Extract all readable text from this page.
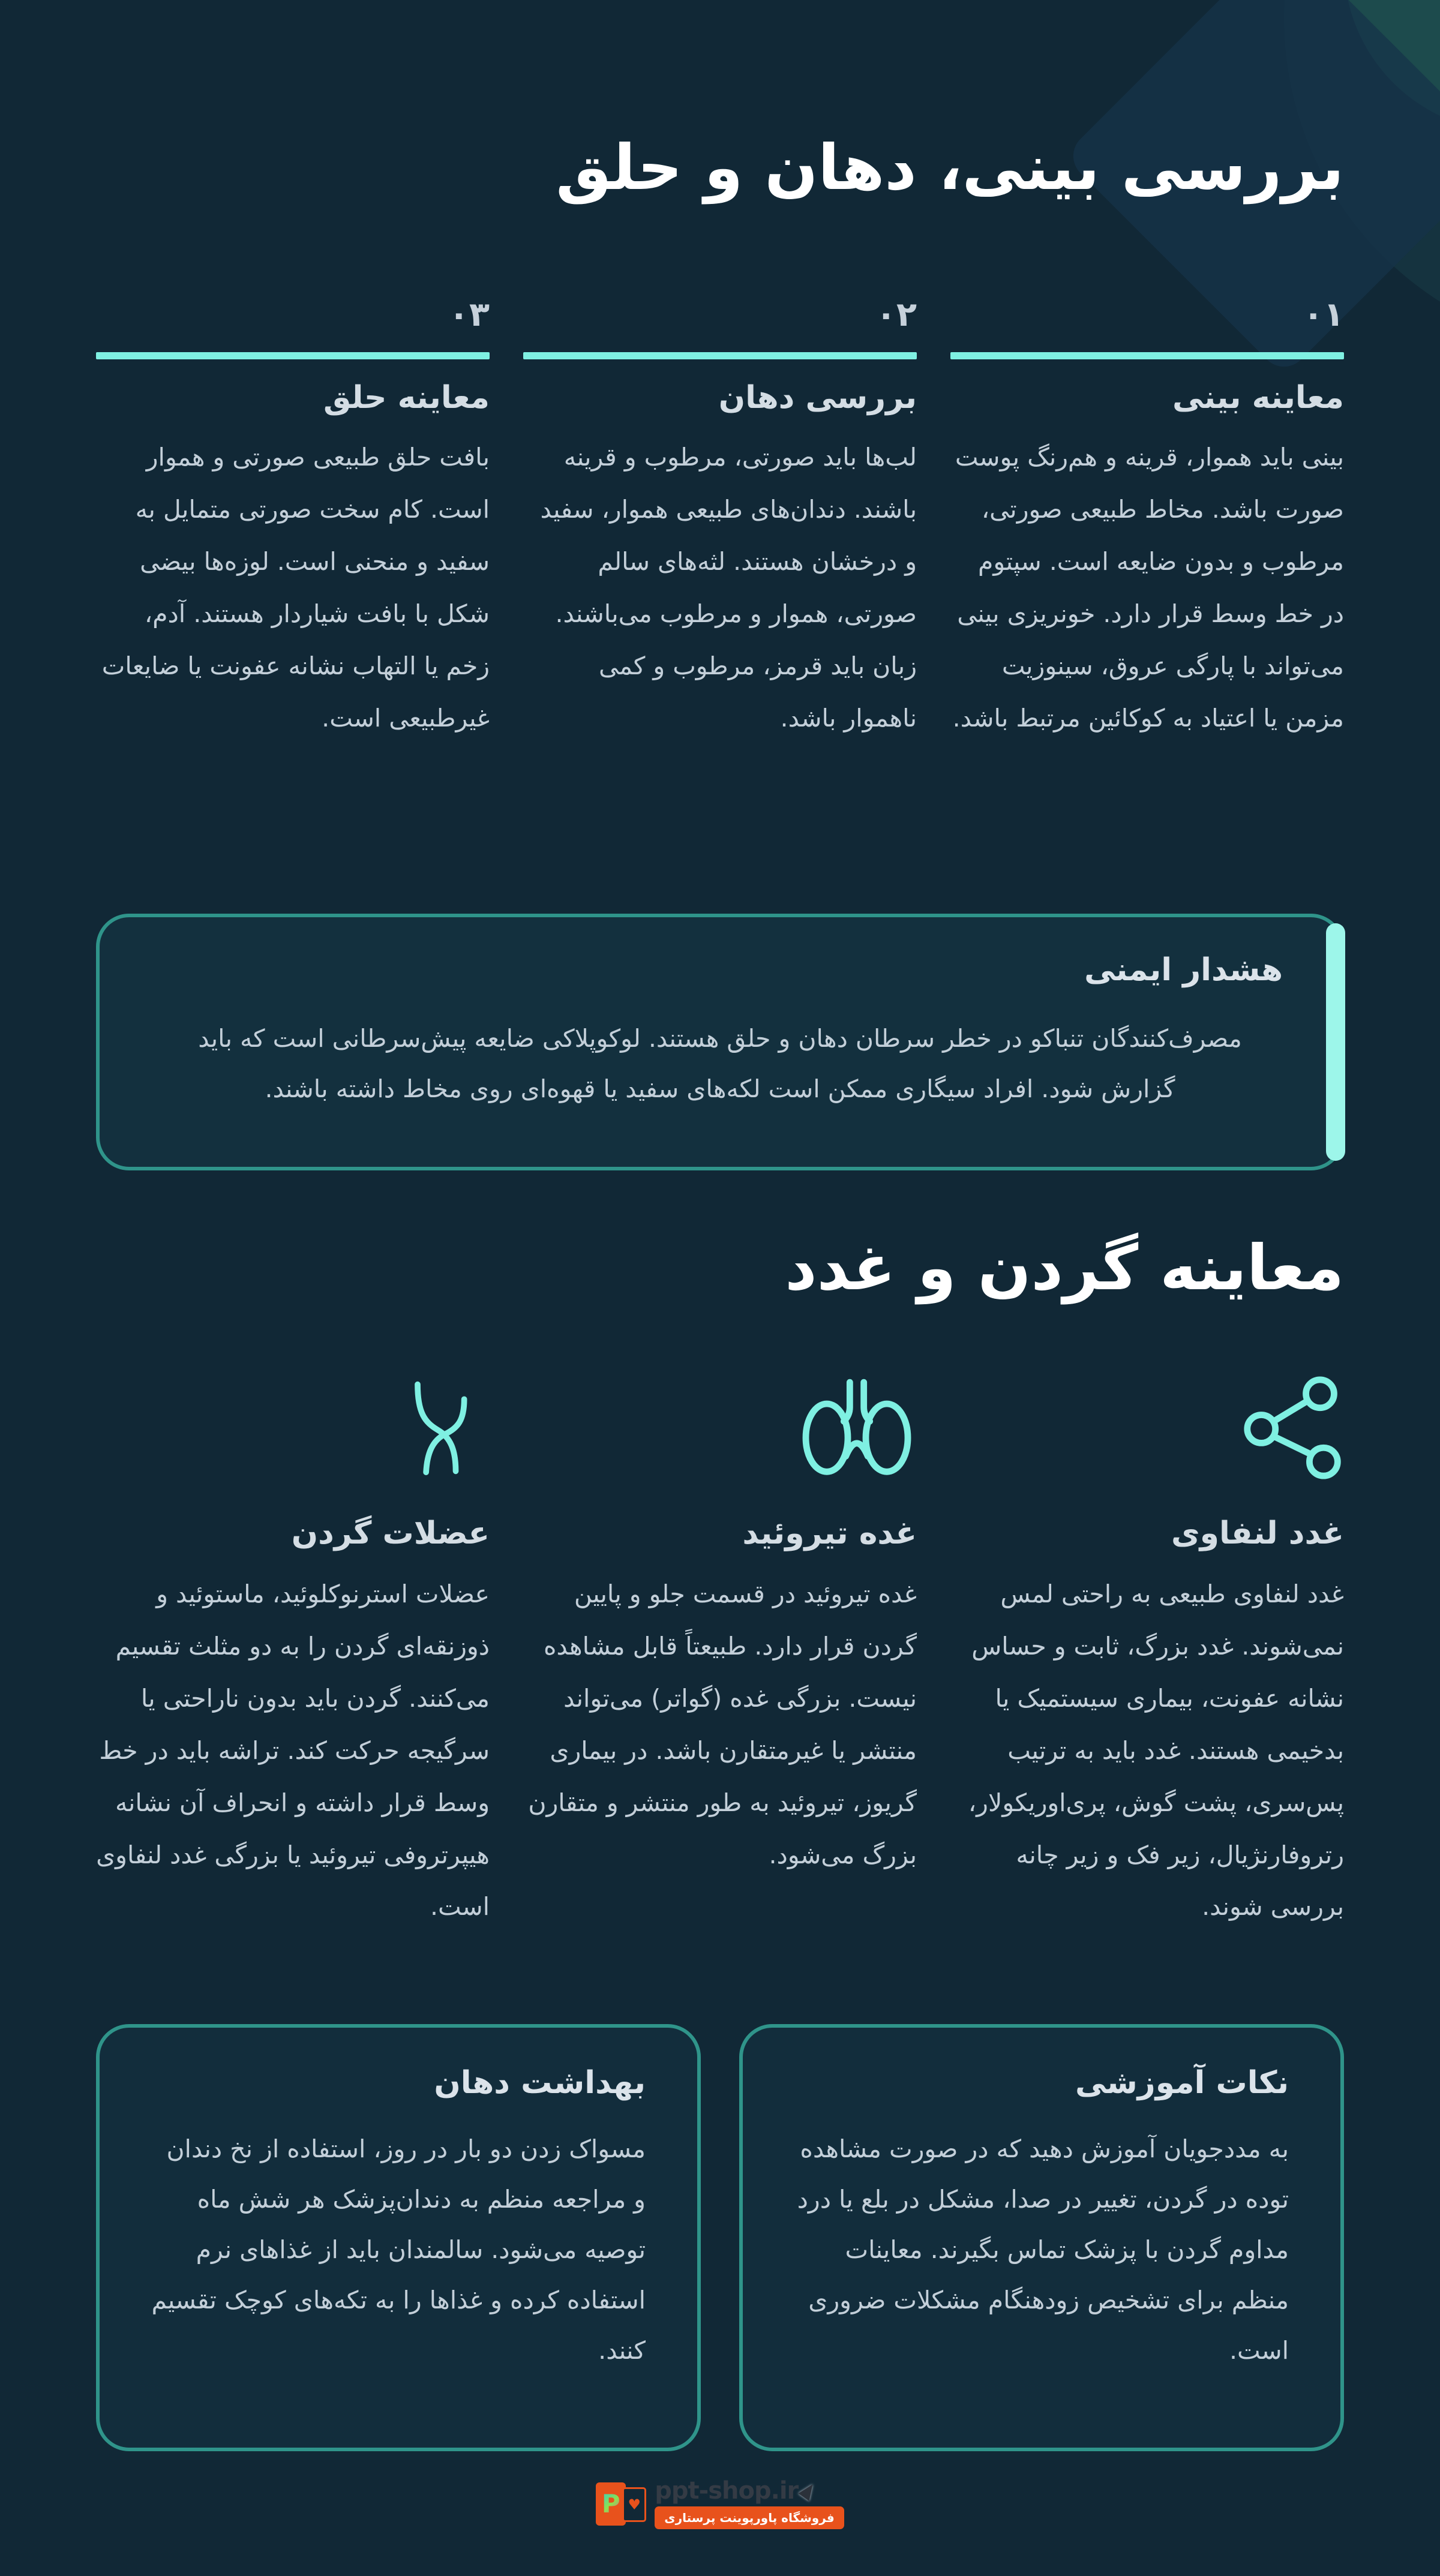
بررسی بینی، دهان و حلق
۰۱
معاینه بینی
بینی باید هموار، قرینه و هم‌رنگ پوست صورت باشد. مخاط طبیعی صورتی، مرطوب و بدون ضایعه است. سپتوم در خط وسط قرار دارد. خونریزی بینی می‌تواند با پارگی عروق، سینوزیت مزمن یا اعتیاد به کوکائین مرتبط باشد.
۰۲
بررسی دهان
لب‌ها باید صورتی، مرطوب و قرینه باشند. دندان‌های طبیعی هموار، سفید و درخشان هستند. لثه‌های سالم صورتی، هموار و مرطوب می‌باشند. زبان باید قرمز، مرطوب و کمی ناهموار باشد.
۰۳
معاینه حلق
بافت حلق طبیعی صورتی و هموار است. کام سخت صورتی متمایل به سفید و منحنی است. لوزه‌ها بیضی شکل با بافت شیاردار هستند. آدم، زخم یا التهاب نشانه عفونت یا ضایعات غیرطبیعی است.
هشدار ایمنی
مصرف‌کنندگان تنباکو در خطر سرطان دهان و حلق هستند. لوکوپلاکی ضایعه پیش‌سرطانی است که باید گزارش شود. افراد سیگاری ممکن است لکه‌های سفید یا قهوه‌ای روی مخاط داشته باشند.
معاینه گردن و غدد
غدد لنفاوی
غدد لنفاوی طبیعی به راحتی لمس نمی‌شوند. غدد بزرگ، ثابت و حساس نشانه عفونت، بیماری سیستمیک یا بدخیمی هستند. غدد باید به ترتیب پس‌سری، پشت گوش، پری‌اوریکولار، رتروفارنژیال، زیر فک و زیر چانه بررسی شوند.
غده تیروئید
غده تیروئید در قسمت جلو و پایین گردن قرار دارد. طبیعتاً قابل مشاهده نیست. بزرگی غده (گواتر) می‌تواند منتشر یا غیرمتقارن باشد. در بیماری گریوز، تیروئید به طور منتشر و متقارن بزرگ می‌شود.
عضلات گردن
عضلات استرنوکلوئید، ماستوئید و ذوزنقه‌ای گردن را به دو مثلث تقسیم می‌کنند. گردن باید بدون ناراحتی یا سرگیجه حرکت کند. تراشه باید در خط وسط قرار داشته و انحراف آن نشانه هیپرتروفی تیروئید یا بزرگی غدد لنفاوی است.
نکات آموزشی
به مددجویان آموزش دهید که در صورت مشاهده توده در گردن، تغییر در صدا، مشکل در بلع یا درد مداوم گردن با پزشک تماس بگیرند. معاینات منظم برای تشخیص زودهنگام مشکلات ضروری است.
بهداشت دهان
مسواک زدن دو بار در روز، استفاده از نخ دندان و مراجعه منظم به دندان‌پزشک هر شش ماه توصیه می‌شود. سالمندان باید از غذاهای نرم استفاده کرده و غذاها را به تکه‌های کوچک تقسیم کنند.
P ♥ ppt-shop.ir
فروشگاه پاورپوینت پرستاری
